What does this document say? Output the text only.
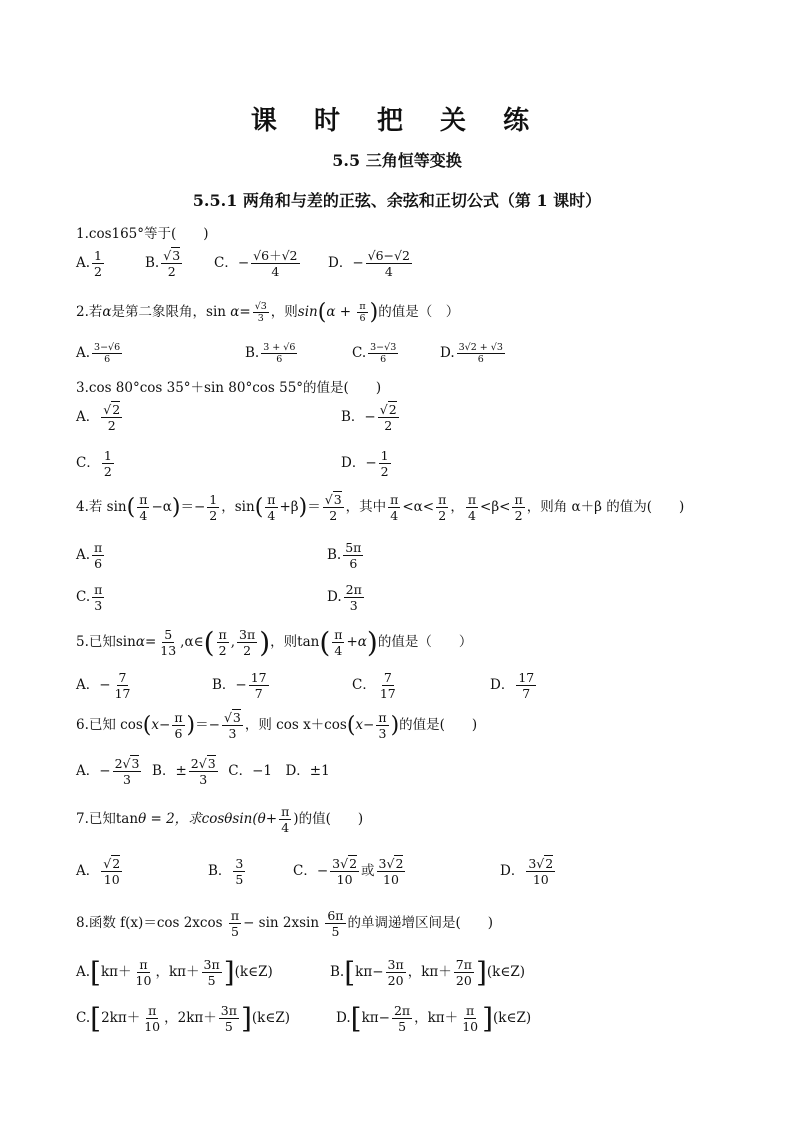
课 时 把 关 练
5.5 三角恒等变换
5.5.1 两角和与差的正弦、余弦和正切公式（第 1 课时）
1.cos165°等于(　　)
A. $\frac{1}{2}$	B. $\frac{√3}{2}$ C．− $\frac{√6+√2}{4}$ D．− $\frac{√6-√2}{4}$
2.若α是第二象限角，$\sin \alpha= \frac{√3}{3}$ ，则$\sin(\alpha + \frac{\pi}{6}$ )的值是（　）
A. $\frac{3-√6}{6}$	B. $\frac{3 + √6}{6}$	C. $\frac{3-√3}{6}$	D. $\frac{3√2 + √3}{6}$
3.cos 80°cos 35°＋sin 80°cos 55°的值是(　　)
A． $\frac{√2}{2}$	B．− $\frac{√2}{2}$
C． $\frac{1}{2}$	D．− $\frac{1}{2}$
4.若 $\sin( \frac{\pi}{4} -\alpha)=- \frac{1}{2}$ ，$\sin( \frac{\pi}{4} +\beta)= \frac{√3}{2}$ ，其中 $\frac{\pi}{4} <\alpha< \frac{\pi}{2}$ ， $\frac{\pi}{4} <\beta< \frac{\pi}{2}$ ，则角 α＋β 的值为(　　)
A. $\frac{\pi}{6}$	B. $\frac{5\pi}{6}$
C. $\frac{\pi}{3}$	D. $\frac{2\pi}{3}$
5.已知$\sin\alpha= \frac{5}{13}$ ,α∈( $\frac{\pi}{2}$ , $\frac{3\pi}{2}$ )，则$\tan( \frac{\pi}{4} +\alpha)$的值是（　　）
A．− $\frac{7}{17}$	B．− $\frac{17}{7}$	C． $\frac{7}{17}$	D． $\frac{17}{7}$
6.已知 $\cos(x- \frac{\pi}{6}$ )＝− $\frac{√3}{3}$ ，则 $\cos x+\cos(x- \frac{\pi}{3}$ )的值是(　　)
A．− $\frac{2√3}{3}$ B．± $\frac{2√3}{3}$ C．−1　D．±1
7.已知tanθ = 2，求$\cos\theta\sin(\theta+ \frac{\pi}{4}$ )的值(　　)
A． $\frac{√2}{10}$	B． $\frac{3}{5}$	C．− $\frac{3√2}{10}$ 或 $\frac{3√2}{10}$	D． $\frac{3√2}{10}$
8.函数 f(x)＝cos $2xcos \frac{\pi}{5} - \sin 2xsin \frac{6\pi}{5}$ 的单调递增区间是(　　)
$A.[k\pi+ \frac{\pi}{10}$ ，$k\pi+ \frac{3\pi}{5}$ ](k∈Z)	$B.[k\pi- \frac{3\pi}{20}$ ，$k\pi+ \frac{7\pi}{20}$ ](k∈Z)
$C.[2k\pi+ \frac{\pi}{10}$ ，$2k\pi+ \frac{3\pi}{5}$ ](k∈Z)	$D.[k\pi- \frac{2\pi}{5}$ ，$k\pi+ \frac{\pi}{10}$ ](k∈Z)
